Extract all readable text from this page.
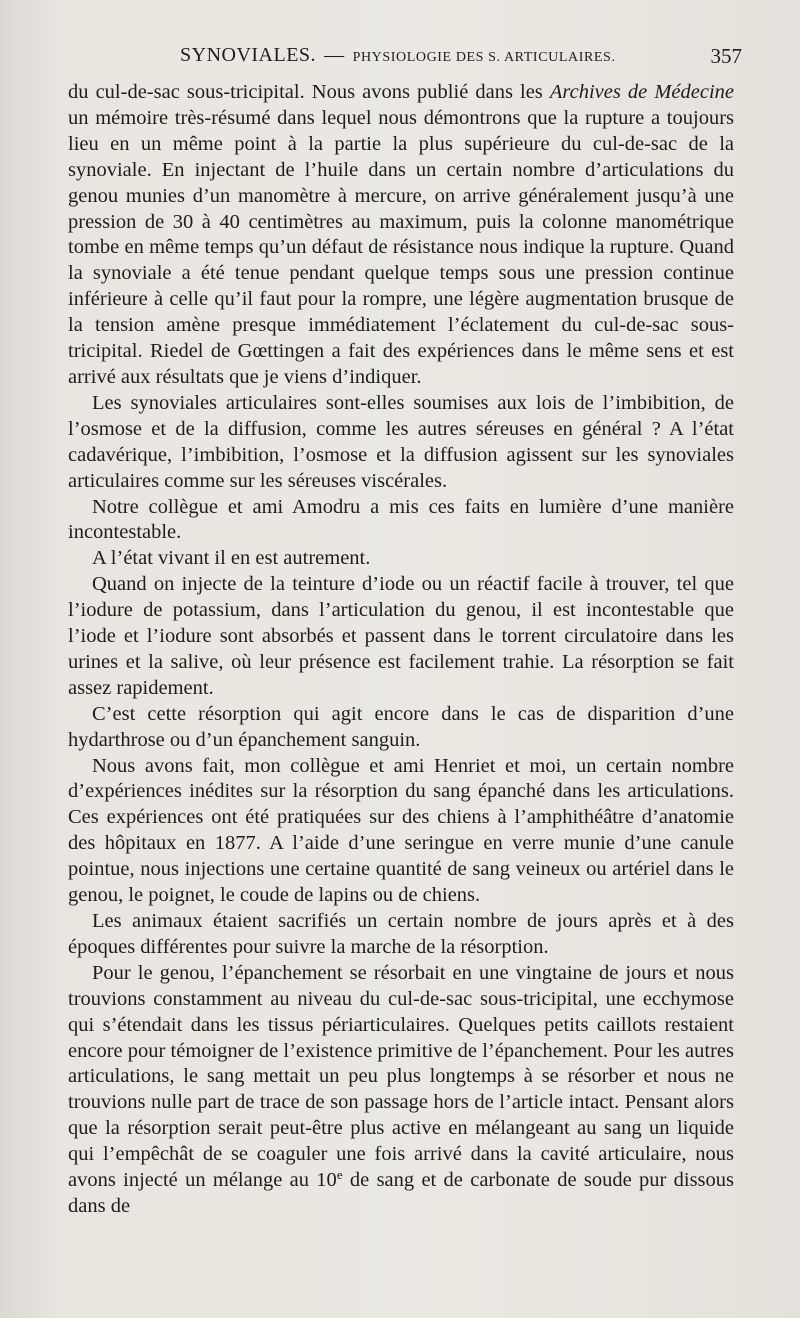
SYNOVIALES. — PHYSIOLOGIE DES S. ARTICULAIRES.	357

du cul-de-sac sous-tricipital. Nous avons publié dans les Archives de Médecine un mémoire très-résumé dans lequel nous démontrons que la rupture a toujours lieu en un même point à la partie la plus supérieure du cul-de-sac de la synoviale. En injectant de l’huile dans un certain nombre d’articulations du genou munies d’un manomètre à mercure, on arrive généralement jusqu’à une pression de 30 à 40 centimètres au maximum, puis la colonne manométrique tombe en même temps qu’un défaut de résistance nous indique la rupture. Quand la synoviale a été tenue pendant quelque temps sous une pression continue inférieure à celle qu’il faut pour la rompre, une légère augmentation brusque de la tension amène presque immédiatement l’éclatement du cul-de-sac sous-tricipital. Riedel de Gœttingen a fait des expériences dans le même sens et est arrivé aux résultats que je viens d’indiquer.

Les synoviales articulaires sont-elles soumises aux lois de l’imbibition, de l’osmose et de la diffusion, comme les autres séreuses en général ? A l’état cadavérique, l’imbibition, l’osmose et la diffusion agissent sur les synoviales articulaires comme sur les séreuses viscérales.

Notre collègue et ami Amodru a mis ces faits en lumière d’une manière incontestable.

A l’état vivant il en est autrement.

Quand on injecte de la teinture d’iode ou un réactif facile à trouver, tel que l’iodure de potassium, dans l’articulation du genou, il est incontestable que l’iode et l’iodure sont absorbés et passent dans le torrent circulatoire dans les urines et la salive, où leur présence est facilement trahie. La résorption se fait assez rapidement.

C’est cette résorption qui agit encore dans le cas de disparition d’une hydarthrose ou d’un épanchement sanguin.

Nous avons fait, mon collègue et ami Henriet et moi, un certain nombre d’expériences inédites sur la résorption du sang épanché dans les articulations. Ces expériences ont été pratiquées sur des chiens à l’amphithéâtre d’anatomie des hôpitaux en 1877. A l’aide d’une seringue en verre munie d’une canule pointue, nous injections une certaine quantité de sang veineux ou artériel dans le genou, le poignet, le coude de lapins ou de chiens.

Les animaux étaient sacrifiés un certain nombre de jours après et à des époques différentes pour suivre la marche de la résorption.

Pour le genou, l’épanchement se résorbait en une vingtaine de jours et nous trouvions constamment au niveau du cul-de-sac sous-tricipital, une ecchymose qui s’étendait dans les tissus périarticulaires. Quelques petits caillots restaient encore pour témoigner de l’existence primitive de l’épanchement. Pour les autres articulations, le sang mettait un peu plus longtemps à se résorber et nous ne trouvions nulle part de trace de son passage hors de l’article intact. Pensant alors que la résorption serait peut-être plus active en mélangeant au sang un liquide qui l’empêchât de se coaguler une fois arrivé dans la cavité articulaire, nous avons injecté un mélange au 10e de sang et de carbonate de soude pur dissous dans de
